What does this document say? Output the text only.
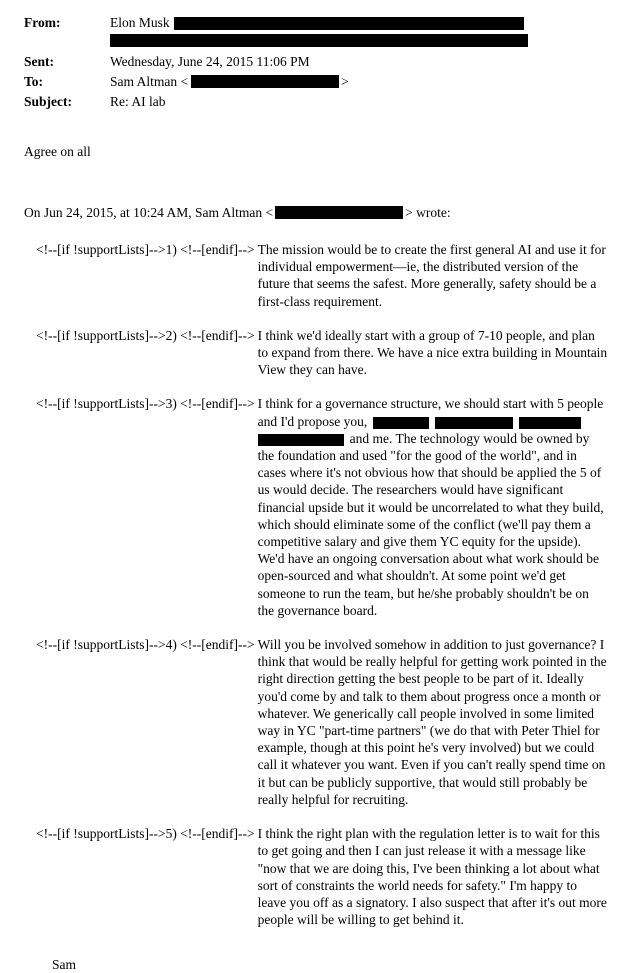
From:	Elon Musk
Sent:	Wednesday, June 24, 2015 11:06 PM
To:	Sam Altman <	>
Subject:	Re: AI lab
Agree on all
On Jun 24, 2015, at 10:24 AM, Sam Altman <	> wrote:
<!--[if !supportLists]-->1) <!--[endif]--> The mission would be to create the first general AI and use it for individual empowerment—ie, the distributed version of the future that seems the safest. More generally, safety should be a first-class requirement.
<!--[if !supportLists]-->2) <!--[endif]--> I think we'd ideally start with a group of 7-10 people, and plan to expand from there. We have a nice extra building in Mountain View they can have.
<!--[if !supportLists]-->3) <!--[endif]--> I think for a governance structure, we should start with 5 people and I'd propose you,and me. The technology would be owned by the foundation and used "for the good of the world", and in cases where it's not obvious how that should be applied the 5 of us would decide. The researchers would have significant financial upside but it would be uncorrelated to what they build, which should eliminate some of the conflict (we'll pay them a competitive salary and give them YC equity for the upside). We'd have an ongoing conversation about what work should be open-sourced and what shouldn't. At some point we'd get someone to run the team, but he/she probably shouldn't be on the governance board.
<!--[if !supportLists]-->4) <!--[endif]--> Will you be involved somehow in addition to just governance? I think that would be really helpful for getting work pointed in the right direction getting the best people to be part of it. Ideally you'd come by and talk to them about progress once a month or whatever. We generically call people involved in some limited way in YC "part-time partners" (we do that with Peter Thiel for example, though at this point he's very involved) but we could call it whatever you want. Even if you can't really spend time on it but can be publicly supportive, that would still probably be really helpful for recruiting.
<!--[if !supportLists]-->5) <!--[endif]--> I think the right plan with the regulation letter is to wait for this to get going and then I can just release it with a message like "now that we are doing this, I've been thinking a lot about what sort of constraints the world needs for safety." I'm happy to leave you off as a signatory. I also suspect that after it's out more people will be willing to get behind it.
Sam
